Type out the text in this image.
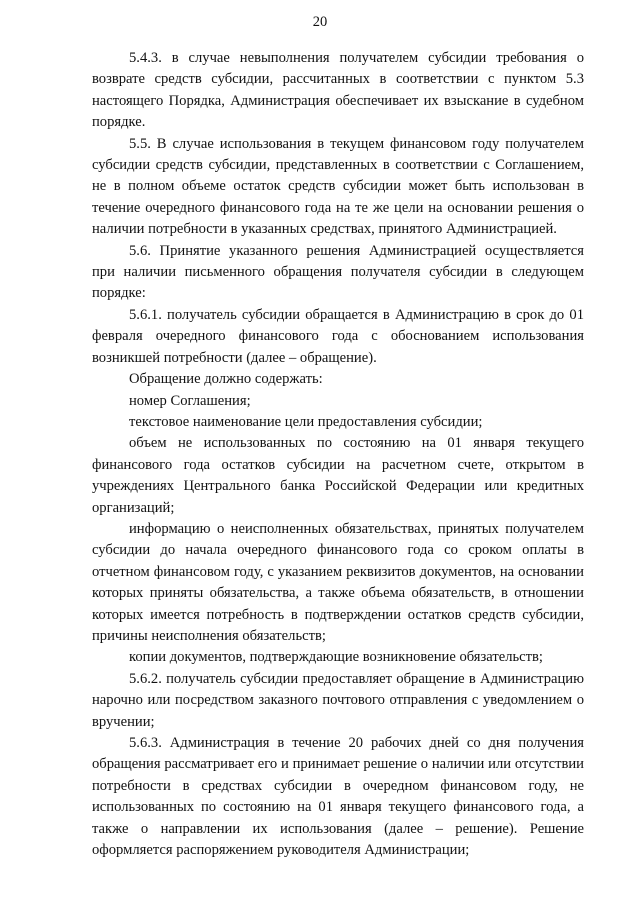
20

5.4.3. в случае невыполнения получателем субсидии требования о возврате средств субсидии, рассчитанных в соответствии с пунктом 5.3 настоящего Порядка, Администрация обеспечивает их взыскание в судебном порядке.

5.5. В случае использования в текущем финансовом году получателем субсидии средств субсидии, представленных в соответствии с Соглашением, не в полном объеме остаток средств субсидии может быть использован в течение очередного финансового года на те же цели на основании решения о наличии потребности в указанных средствах, принятого Администрацией.

5.6. Принятие указанного решения Администрацией осуществляется при наличии письменного обращения получателя субсидии в следующем порядке:

5.6.1. получатель субсидии обращается в Администрацию в срок до 01 февраля очередного финансового года с обоснованием использования возникшей потребности (далее – обращение).

Обращение должно содержать:

номер Соглашения;

текстовое наименование цели предоставления субсидии;

объем не использованных по состоянию на 01 января текущего финансового года остатков субсидии на расчетном счете, открытом в учреждениях Центрального банка Российской Федерации или кредитных организаций;

информацию о неисполненных обязательствах, принятых получателем субсидии до начала очередного финансового года со сроком оплаты в отчетном финансовом году, с указанием реквизитов документов, на основании которых приняты обязательства, а также объема обязательств, в отношении которых имеется потребность в подтверждении остатков средств субсидии, причины неисполнения обязательств;

копии документов, подтверждающие возникновение обязательств;

5.6.2. получатель субсидии предоставляет обращение в Администрацию нарочно или посредством заказного почтового отправления с уведомлением о вручении;

5.6.3. Администрация в течение 20 рабочих дней со дня получения обращения рассматривает его и принимает решение о наличии или отсутствии потребности в средствах субсидии в очередном финансовом году, не использованных по состоянию на 01 января текущего финансового года, а также о направлении их использования (далее – решение). Решение оформляется распоряжением руководителя Администрации;
